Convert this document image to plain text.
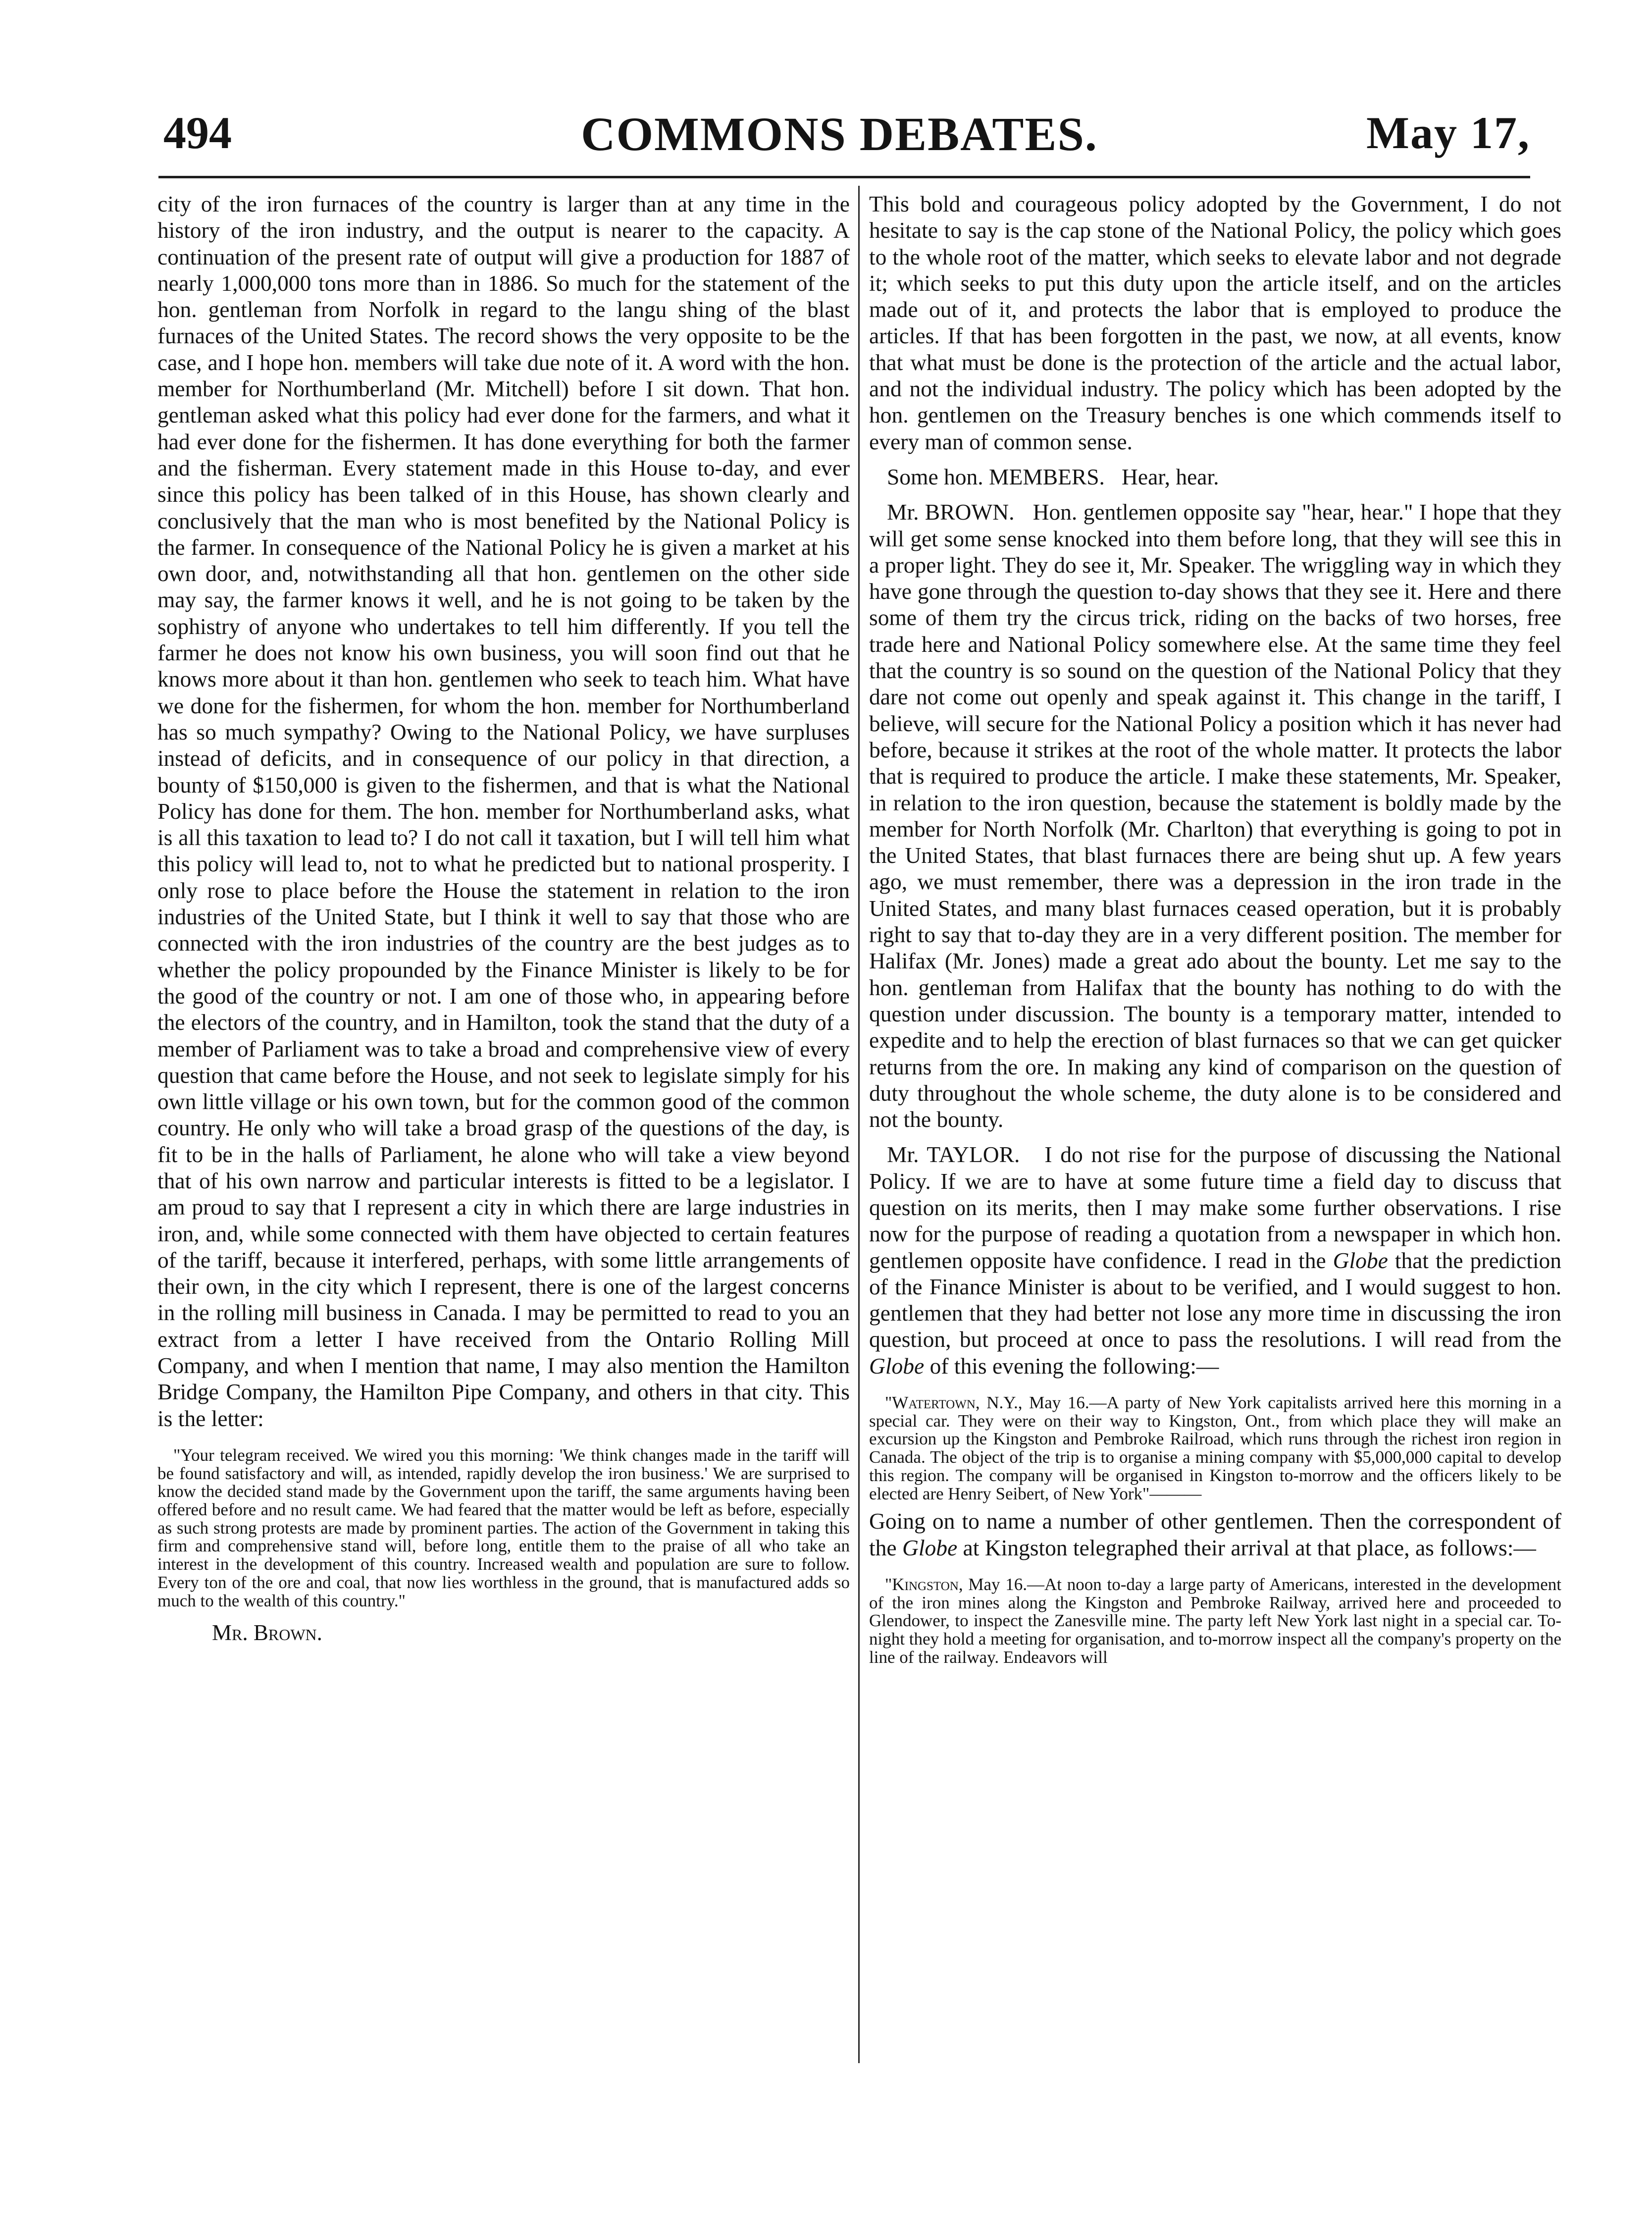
494	COMMONS DEBATES.	May 17,

city of the iron furnaces of the country is larger than at any time in the history of the iron industry, and the output is nearer to the capacity. A continuation of the present rate of output will give a production for 1887 of nearly 1,000,000 tons more than in 1886. So much for the statement of the hon. gentleman from Norfolk in regard to the langu shing of the blast furnaces of the United States. The record shows the very opposite to be the case, and I hope hon. members will take due note of it. A word with the hon. member for Northumberland (Mr. Mitchell) before I sit down. That hon. gentleman asked what this policy had ever done for the farmers, and what it had ever done for the fishermen. It has done everything for both the farmer and the fisherman. Every statement made in this House to-day, and ever since this policy has been talked of in this House, has shown clearly and conclusively that the man who is most benefited by the National Policy is the farmer. In consequence of the National Policy he is given a market at his own door, and, notwithstanding all that hon. gentlemen on the other side may say, the farmer knows it well, and he is not going to be taken by the sophistry of anyone who undertakes to tell him differently. If you tell the farmer he does not know his own business, you will soon find out that he knows more about it than hon. gentlemen who seek to teach him. What have we done for the fishermen, for whom the hon. member for Northumberland has so much sympathy? Owing to the National Policy, we have surpluses instead of deficits, and in consequence of our policy in that direction, a bounty of $150,000 is given to the fishermen, and that is what the National Policy has done for them. The hon. member for Northumberland asks, what is all this taxation to lead to? I do not call it taxation, but I will tell him what this policy will lead to, not to what he predicted but to national prosperity. I only rose to place before the House the statement in relation to the iron industries of the United State, but I think it well to say that those who are connected with the iron industries of the country are the best judges as to whether the policy propounded by the Finance Minister is likely to be for the good of the country or not. I am one of those who, in appearing before the electors of the country, and in Hamilton, took the stand that the duty of a member of Parliament was to take a broad and comprehensive view of every question that came before the House, and not seek to legislate simply for his own little village or his own town, but for the common good of the common country. He only who will take a broad grasp of the questions of the day, is fit to be in the halls of Parliament, he alone who will take a view beyond that of his own narrow and particular interests is fitted to be a legislator. I am proud to say that I represent a city in which there are large industries in iron, and, while some connected with them have objected to certain features of the tariff, because it interfered, perhaps, with some little arrangements of their own, in the city which I represent, there is one of the largest concerns in the rolling mill business in Canada. I may be permitted to read to you an extract from a letter I have received from the Ontario Rolling Mill Company, and when I mention that name, I may also mention the Hamilton Bridge Company, the Hamilton Pipe Company, and others in that city. This is the letter:

"Your telegram received. We wired you this morning: 'We think changes made in the tariff will be found satisfactory and will, as intended, rapidly develop the iron business.' We are surprised to know the decided stand made by the Government upon the tariff, the same arguments having been offered before and no result came. We had feared that the matter would be left as before, especially as such strong protests are made by prominent parties. The action of the Government in taking this firm and comprehensive stand will, before long, entitle them to the praise of all who take an interest in the development of this country. Increased wealth and population are sure to follow. Every ton of the ore and coal, that now lies worthless in the ground, that is manufactured adds so much to the wealth of this country."

Mr. Brown.

This bold and courageous policy adopted by the Government, I do not hesitate to say is the cap stone of the National Policy, the policy which goes to the whole root of the matter, which seeks to elevate labor and not degrade it; which seeks to put this duty upon the article itself, and on the articles made out of it, and protects the labor that is employed to produce the articles. If that has been forgotten in the past, we now, at all events, know that what must be done is the protection of the article and the actual labor, and not the individual industry. The policy which has been adopted by the hon. gentlemen on the Treasury benches is one which commends itself to every man of common sense.

Some hon. MEMBERS. Hear, hear.

Mr. BROWN. Hon. gentlemen opposite say "hear, hear." I hope that they will get some sense knocked into them before long, that they will see this in a proper light. They do see it, Mr. Speaker. The wriggling way in which they have gone through the question to-day shows that they see it. Here and there some of them try the circus trick, riding on the backs of two horses, free trade here and National Policy somewhere else. At the same time they feel that the country is so sound on the question of the National Policy that they dare not come out openly and speak against it. This change in the tariff, I believe, will secure for the National Policy a position which it has never had before, because it strikes at the root of the whole matter. It protects the labor that is required to produce the article. I make these statements, Mr. Speaker, in relation to the iron question, because the statement is boldly made by the member for North Norfolk (Mr. Charlton) that everything is going to pot in the United States, that blast furnaces there are being shut up. A few years ago, we must remember, there was a depression in the iron trade in the United States, and many blast furnaces ceased operation, but it is probably right to say that to-day they are in a very different position. The member for Halifax (Mr. Jones) made a great ado about the bounty. Let me say to the hon. gentleman from Halifax that the bounty has nothing to do with the question under discussion. The bounty is a temporary matter, intended to expedite and to help the erection of blast furnaces so that we can get quicker returns from the ore. In making any kind of comparison on the question of duty throughout the whole scheme, the duty alone is to be considered and not the bounty.

Mr. TAYLOR. I do not rise for the purpose of discussing the National Policy. If we are to have at some future time a field day to discuss that question on its merits, then I may make some further observations. I rise now for the purpose of reading a quotation from a newspaper in which hon. gentlemen opposite have confidence. I read in the Globe that the prediction of the Finance Minister is about to be verified, and I would suggest to hon. gentlemen that they had better not lose any more time in discussing the iron question, but proceed at once to pass the resolutions. I will read from the Globe of this evening the following:—

"Watertown, N.Y., May 16.—A party of New York capitalists arrived here this morning in a special car. They were on their way to Kingston, Ont., from which place they will make an excursion up the Kingston and Pembroke Railroad, which runs through the richest iron region in Canada. The object of the trip is to organise a mining company with $5,000,000 capital to develop this region. The company will be organised in Kingston to-morrow and the officers likely to be elected are Henry Seibert, of New York"———

Going on to name a number of other gentlemen. Then the correspondent of the Globe at Kingston telegraphed their arrival at that place, as follows:—

"Kingston, May 16.—At noon to-day a large party of Americans, interested in the development of the iron mines along the Kingston and Pembroke Railway, arrived here and proceeded to Glendower, to inspect the Zanesville mine. The party left New York last night in a special car. To-night they hold a meeting for organisation, and to-morrow inspect all the company's property on the line of the railway. Endeavors will
